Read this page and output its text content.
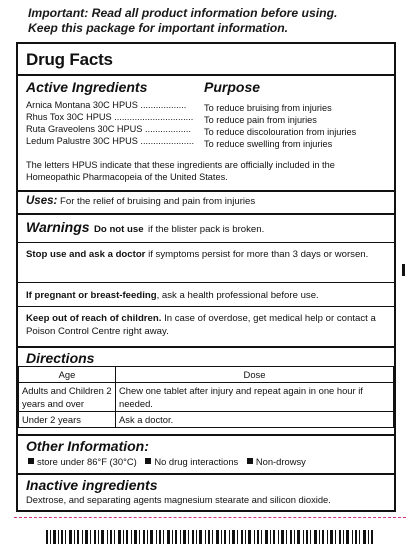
Important: Read all product information before using.
Keep this package for important information.
Drug Facts
Active Ingredients	Purpose
Arnica Montana 30C HPUS .................. To reduce bruising from injuries
Rhus Tox 30C HPUS ............................... To reduce pain from injuries
Ruta Graveolens 30C HPUS .................. To reduce discolouration from injuries
Ledum Palustre 30C HPUS ..................... To reduce swelling from injuries
The letters HPUS indicate that these ingredients are officially included in the Homeopathic Pharmacopeia of the United States.
Uses: For the relief of bruising and pain from injuries
Warnings Do not use if the blister pack is broken.
Stop use and ask a doctor if symptoms persist for more than 3 days or worsen.
If pregnant or breast-feeding, ask a health professional before use.
Keep out of reach of children. In case of overdose, get medical help or contact a Poison Control Centre right away.
Directions
Age	Dose
Adults and Children 2 years and over	Chew one tablet after injury and repeat again in one hour if needed.
Under 2 years	Ask a doctor.
Other Information:
store under 86°F (30°C) No drug interactions Non-drowsy
Inactive ingredients
Dextrose, and separating agents magnesium stearate and silicon dioxide.
